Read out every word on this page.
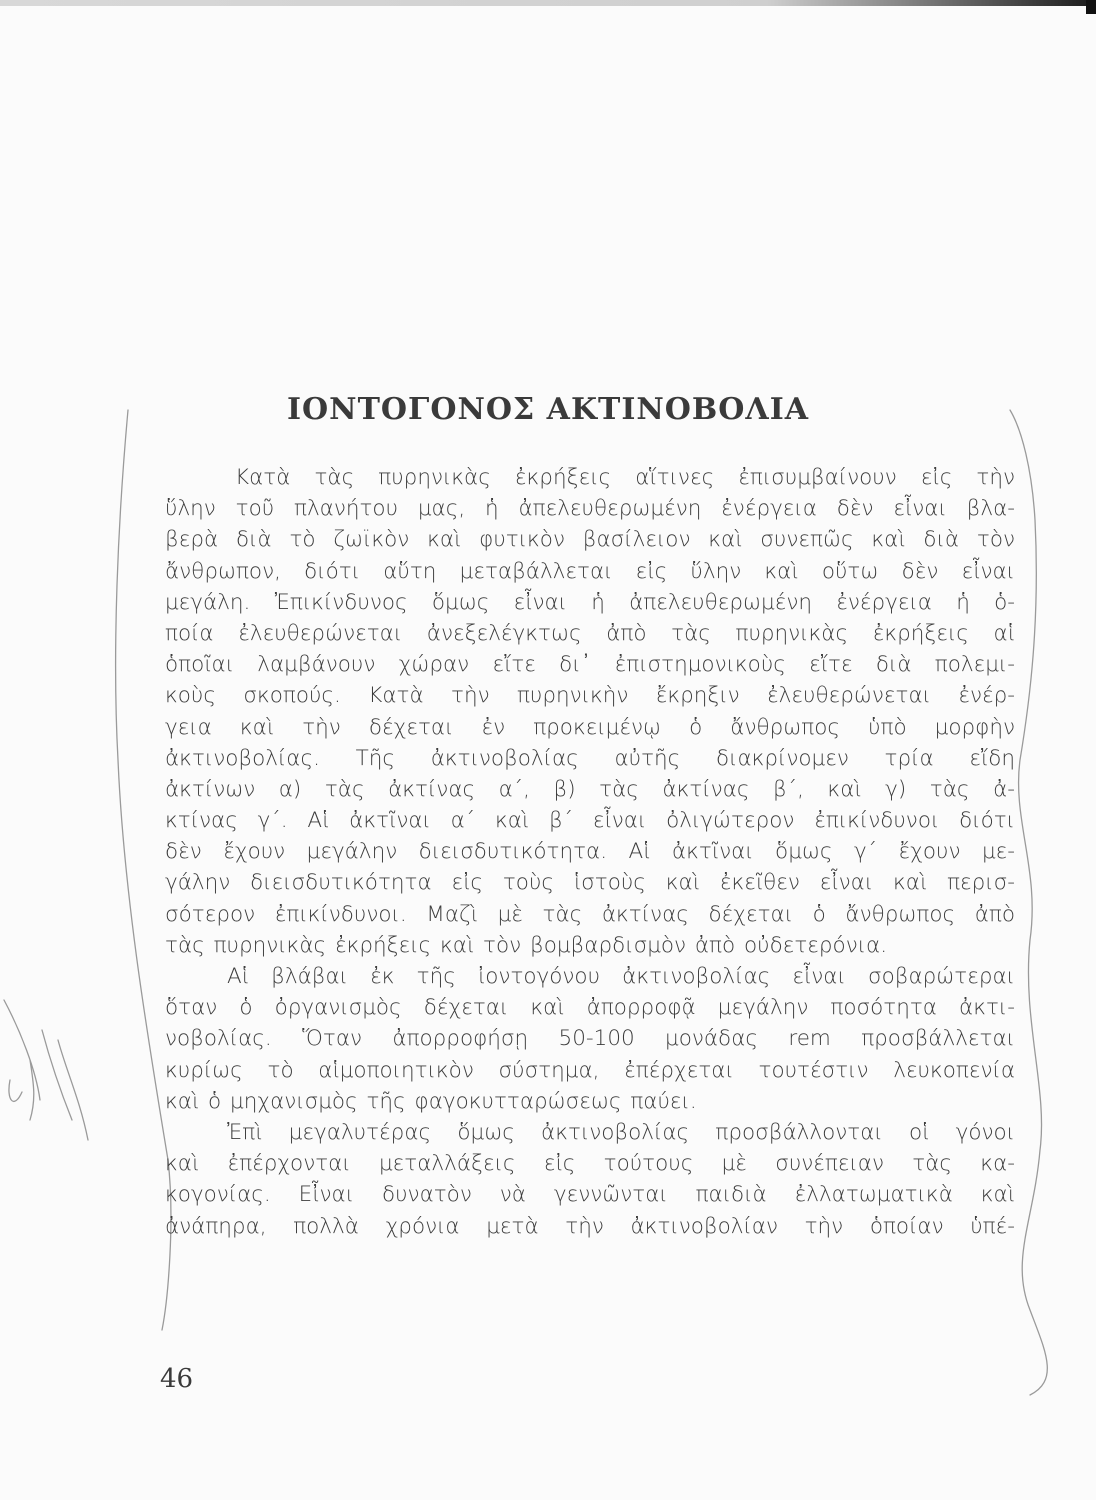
ΙΟΝΤΟΓΟΝΟΣ ΑΚΤΙΝΟΒΟΛΙΑ
Κατὰ τὰς πυρηνικὰς ἐκρήξεις αἵτινες ἐπισυμβαίνουν εἰς τὴν
ὕλην τοῦ πλανήτου μας, ἡ ἀπελευθερωμένη ἐνέργεια δὲν εἶναι βλα-
βερὰ διὰ τὸ ζωϊκὸν καὶ φυτικὸν βασίλειον καὶ συνεπῶς καὶ διὰ τὸν
ἄνθρωπον, διότι αὕτη μεταβάλλεται εἰς ὕλην καὶ οὕτω δὲν εἶναι
μεγάλη. Ἐπικίνδυνος ὅμως εἶναι ἡ ἀπελευθερωμένη ἐνέργεια ἡ ὁ-
ποία ἐλευθερώνεται ἀνεξελέγκτως ἀπὸ τὰς πυρηνικὰς ἐκρήξεις αἱ
ὁποῖαι λαμβάνουν χώραν εἴτε δι᾽ ἐπιστημονικοὺς εἴτε διὰ πολεμι-
κοὺς σκοπούς. Κατὰ τὴν πυρηνικὴν ἔκρηξιν ἐλευθερώνεται ἐνέρ-
γεια καὶ τὴν δέχεται ἐν προκειμένῳ ὁ ἄνθρωπος ὑπὸ μορφὴν
ἀκτινοβολίας. Τῆς ἀκτινοβολίας αὐτῆς διακρίνομεν τρία εἴδη
ἀκτίνων α) τὰς ἀκτίνας α΄, β) τὰς ἀκτίνας β΄, καὶ γ) τὰς ἀ-
κτίνας γ΄. Αἱ ἀκτῖναι α΄ καὶ β΄ εἶναι ὀλιγώτερον ἐπικίνδυνοι διότι
δὲν ἔχουν μεγάλην διεισδυτικότητα. Αἱ ἀκτῖναι ὅμως γ΄ ἔχουν με-
γάλην διεισδυτικότητα εἰς τοὺς ἱστοὺς καὶ ἐκεῖθεν εἶναι καὶ περισ-
σότερον ἐπικίνδυνοι. Μαζὶ μὲ τὰς ἀκτίνας δέχεται ὁ ἄνθρωπος ἀπὸ
τὰς πυρηνικὰς ἐκρήξεις καὶ τὸν βομβαρδισμὸν ἀπὸ οὐδετερόνια.
Αἱ βλάβαι ἐκ τῆς ἰοντογόνου ἀκτινοβολίας εἶναι σοβαρώτεραι
ὅταν ὁ ὀργανισμὸς δέχεται καὶ ἀπορροφᾷ μεγάλην ποσότητα ἀκτι-
νοβολίας. Ὅταν ἀπορροφήσῃ 50-100 μονάδας rem προσβάλλεται
κυρίως τὸ αἱμοποιητικὸν σύστημα, ἐπέρχεται τουτέστιν λευκοπενία
καὶ ὁ μηχανισμὸς τῆς φαγοκυτταρώσεως παύει.
Ἐπὶ μεγαλυτέρας ὅμως ἀκτινοβολίας προσβάλλονται οἱ γόνοι
καὶ ἐπέρχονται μεταλλάξεις εἰς τούτους μὲ συνέπειαν τὰς κα-
κογονίας. Εἶναι δυνατὸν νὰ γεννῶνται παιδιὰ ἐλλατωματικὰ καὶ
ἀνάπηρα, πολλὰ χρόνια μετὰ τὴν ἀκτινοβολίαν τὴν ὁποίαν ὑπέ-
46
